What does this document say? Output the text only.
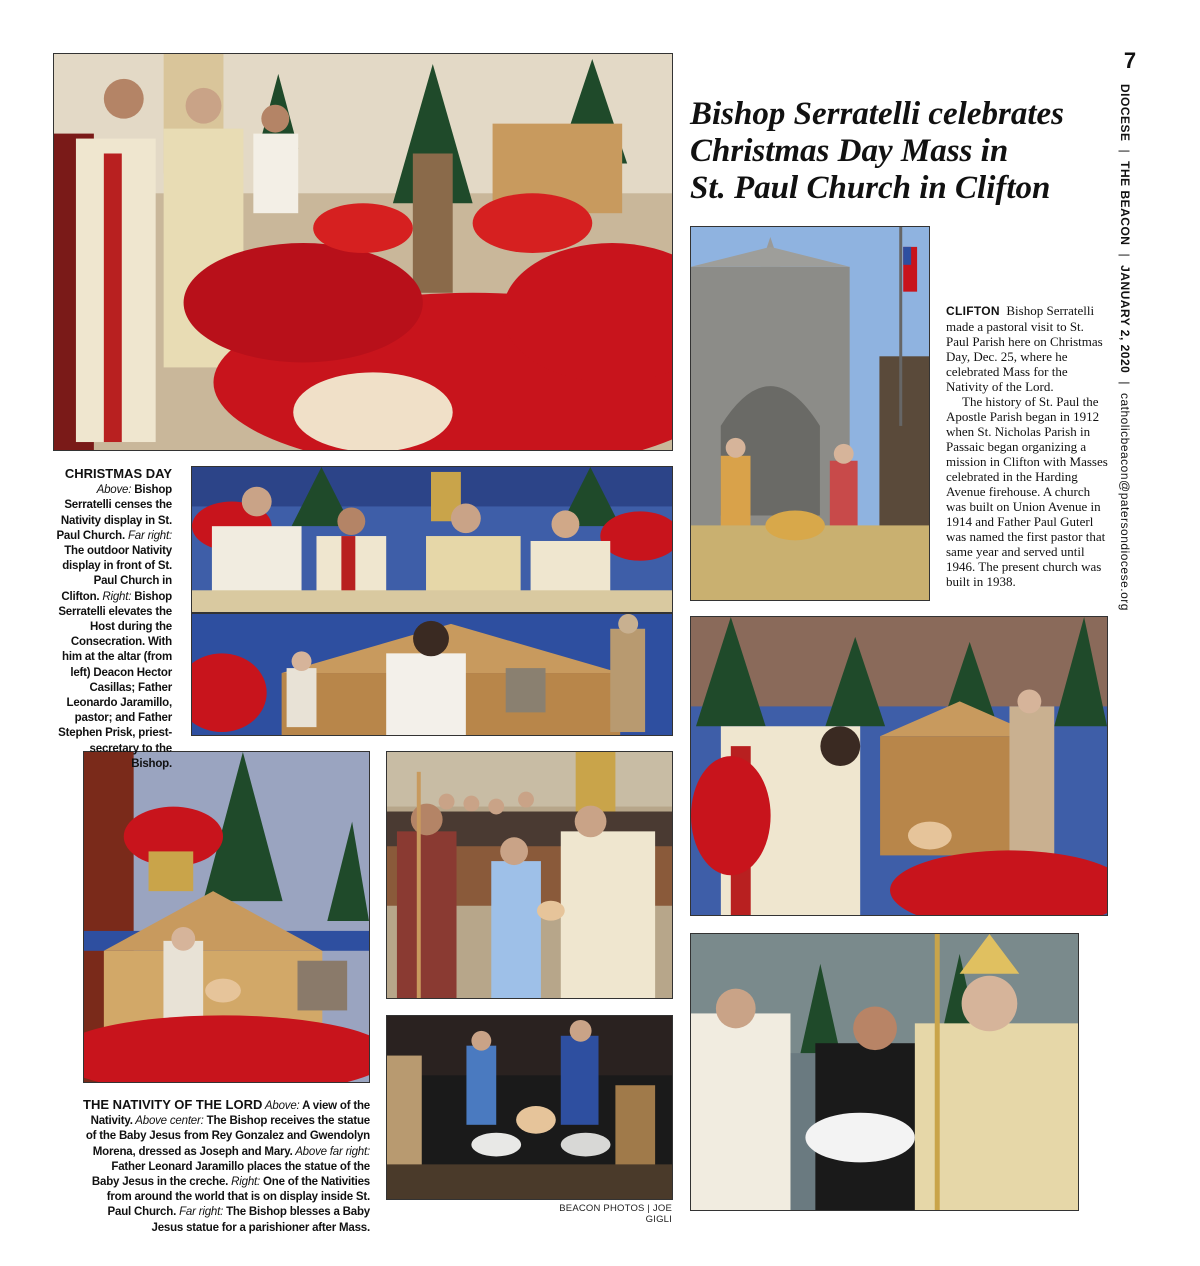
7
DIOCESE|THE BEACON|JANUARY 2, 2020|catholicbeacon@patersondiocese.org
Bishop Serratelli celebrates
Christmas Day Mass in
St. Paul Church in Clifton

CLIFTON Bishop Serratelli made a pastoral visit to St. Paul Parish here on Christmas Day, Dec. 25, where he celebrated Mass for the Nativity of the Lord.

The history of St. Paul the Apostle Parish began in 1912 when St. Nicholas Parish in Passaic began organizing a mission in Clifton with Masses celebrated in the Harding Avenue firehouse. A church was built on Union Avenue in 1914 and Father Paul Guterl was named the first pastor that same year and served until 1946. The present church was built in 1938.

CHRISTMAS DAY
Above: Bishop Serratelli censes the Nativity display in St. Paul Church. Far right: The outdoor Nativity display in front of St. Paul Church in Clifton. Right: Bishop Serratelli elevates the Host during the Consecration. With him at the altar (from left) Deacon Hector Casillas; Father Leonardo Jaramillo, pastor; and Father Stephen Prisk, priest-secretary to the Bishop.
THE NATIVITY OF THE LORD Above: A view of the Nativity. Above center: The Bishop receives the statue of the Baby Jesus from Rey Gonzalez and Gwendolyn Morena, dressed as Joseph and Mary. Above far right: Father Leonard Jaramillo places the statue of the Baby Jesus in the creche. Right: One of the Nativities from around the world that is on display inside St. Paul Church. Far right: The Bishop blesses a Baby Jesus statue for a parishioner after Mass.
BEACON PHOTOS | JOE GIGLI
